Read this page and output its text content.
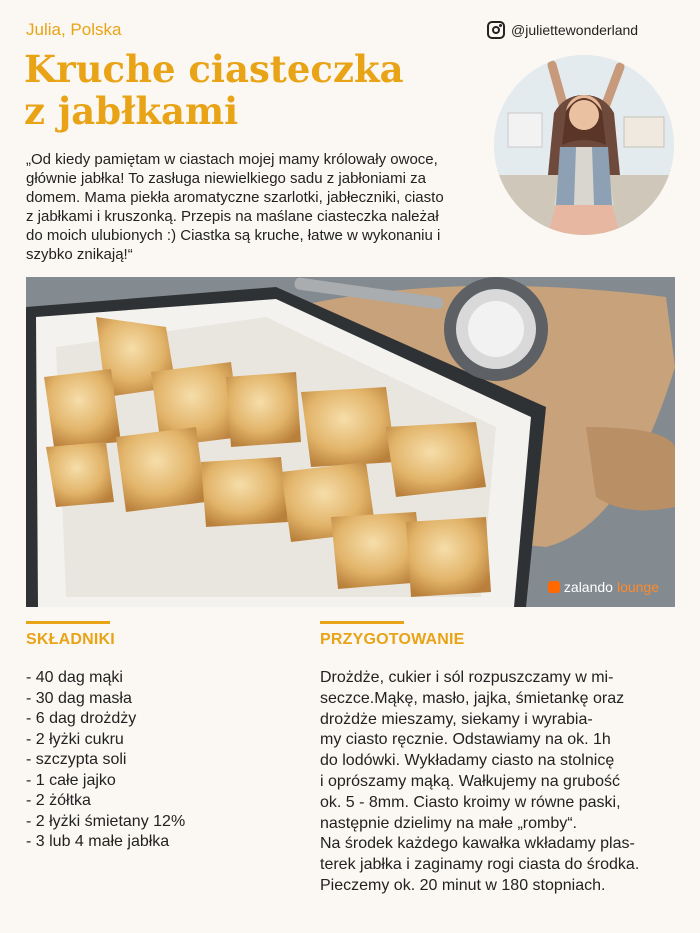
Julia, Polska
Kruche ciasteczka
z jabłkami
@juliettewonderland
„Od kiedy pamiętam w ciastach mojej mamy królowały owoce,
głównie jabłka! To zasługa niewielkiego sadu z jabłoniami za
domem. Mama piekła aromatyczne szarlotki, jabłeczniki, ciasto
z jabłkami i kruszonką. Przepis na maślane ciasteczka należał
do moich ulubionych :) Ciastka są kruche, łatwe w wykonaniu i
szybko znikają!“
zalando lounge
SKŁADNIKI
- 40 dag mąki
- 30 dag masła
- 6 dag drożdży
- 2 łyżki cukru
- szczypta soli
- 1 całe jajko
- 2 żółtka
- 2 łyżki śmietany 12%
- 3 lub 4 małe jabłka
PRZYGOTOWANIE
Drożdże, cukier i sól rozpuszczamy w mi-
seczce.Mąkę, masło, jajka, śmietankę oraz
drożdże mieszamy, siekamy i wyrabia-
my ciasto ręcznie. Odstawiamy na ok. 1h
do lodówki. Wykładamy ciasto na stolnicę
i oprószamy mąką. Wałkujemy na grubość
ok. 5 - 8mm. Ciasto kroimy w równe paski,
następnie dzielimy na małe „romby“.
Na środek każdego kawałka wkładamy plas-
terek jabłka i zaginamy rogi ciasta do środka.
Pieczemy ok. 20 minut w 180 stopniach.
